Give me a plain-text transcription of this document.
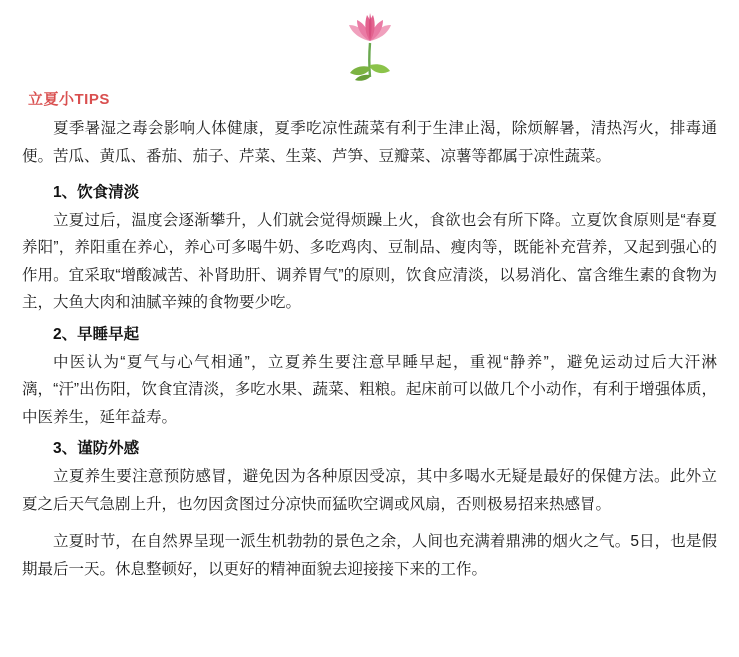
立夏小TIPS

夏季暑湿之毒会影响人体健康，夏季吃凉性蔬菜有利于生津止渴，除烦解暑，清热泻火，排毒通便。苦瓜、黄瓜、番茄、茄子、芹菜、生菜、芦笋、豆瓣菜、凉薯等都属于凉性蔬菜。

1、饮食清淡

立夏过后，温度会逐渐攀升，人们就会觉得烦躁上火，食欲也会有所下降。立夏饮食原则是“春夏养阳”，养阳重在养心，养心可多喝牛奶、多吃鸡肉、豆制品、瘦肉等，既能补充营养，又起到强心的作用。宜采取“增酸减苦、补肾助肝、调养胃气”的原则，饮食应清淡，以易消化、富含维生素的食物为主，大鱼大肉和油腻辛辣的食物要少吃。

2、早睡早起

中医认为“夏气与心气相通”，立夏养生要注意早睡早起，重视“静养”，避免运动过后大汗淋漓，“汗”出伤阳，饮食宜清淡，多吃水果、蔬菜、粗粮。起床前可以做几个小动作，有利于增强体质，中医养生，延年益寿。

3、谨防外感

立夏养生要注意预防感冒，避免因为各种原因受凉，其中多喝水无疑是最好的保健方法。此外立夏之后天气急剧上升，也勿因贪图过分凉快而猛吹空调或风扇，否则极易招来热感冒。

立夏时节，在自然界呈现一派生机勃勃的景色之余，人间也充满着鼎沸的烟火之气。5日，也是假期最后一天。休息整顿好，以更好的精神面貌去迎接接下来的工作。
